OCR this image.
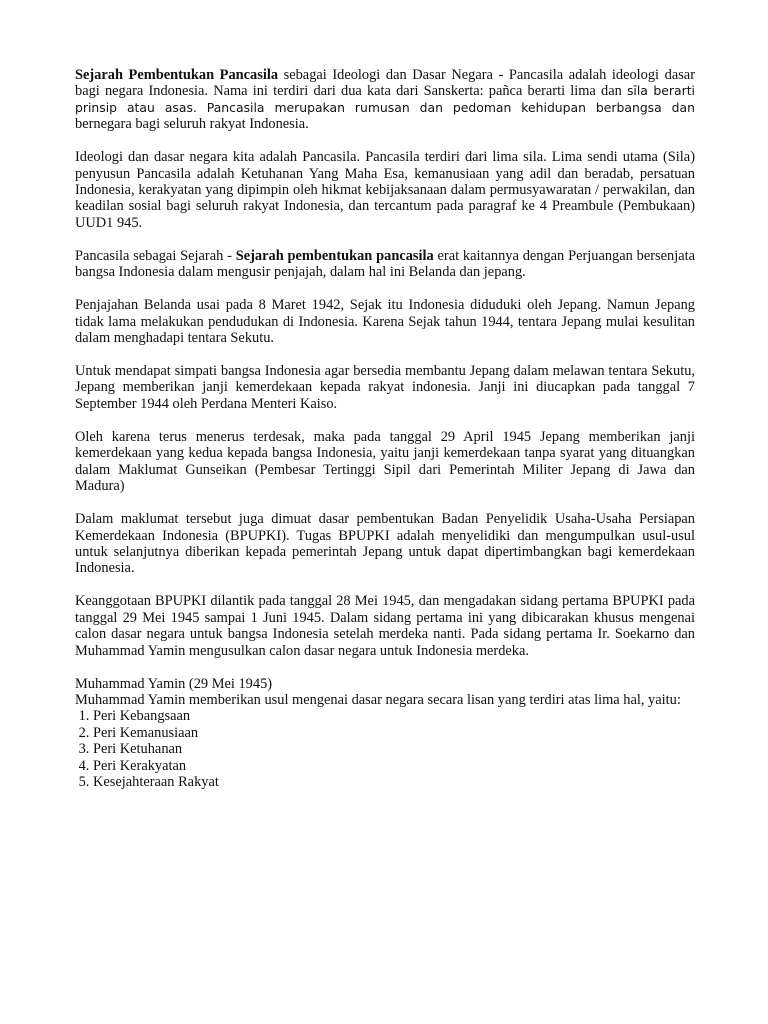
Sejarah Pembentukan Pancasila sebagai Ideologi dan Dasar Negara - Pancasila adalah ideologi dasar bagi negara Indonesia. Nama ini terdiri dari dua kata dari Sanskerta: pañca berarti lima dan sīla berarti prinsip atau asas. Pancasila merupakan rumusan dan pedoman kehidupan berbangsa dan bernegara bagi seluruh rakyat Indonesia.

Ideologi dan dasar negara kita adalah Pancasila. Pancasila terdiri dari lima sila. Lima sendi utama (Sila) penyusun Pancasila adalah Ketuhanan Yang Maha Esa, kemanusiaan yang adil dan beradab, persatuan Indonesia, kerakyatan yang dipimpin oleh hikmat kebijaksanaan dalam permusyawaratan / perwakilan, dan keadilan sosial bagi seluruh rakyat Indonesia, dan tercantum pada paragraf ke 4 Preambule (Pembukaan) UUD1 945.

Pancasila sebagai Sejarah - Sejarah pembentukan pancasila erat kaitannya dengan Perjuangan bersenjata bangsa Indonesia dalam mengusir penjajah, dalam hal ini Belanda dan jepang.

Penjajahan Belanda usai pada 8 Maret 1942, Sejak itu Indonesia diduduki oleh Jepang. Namun Jepang tidak lama melakukan pendudukan di Indonesia. Karena Sejak tahun 1944, tentara Jepang mulai kesulitan dalam menghadapi tentara Sekutu.

Untuk mendapat simpati bangsa Indonesia agar bersedia membantu Jepang dalam melawan tentara Sekutu, Jepang memberikan janji kemerdekaan kepada rakyat indonesia. Janji ini diucapkan pada tanggal 7 September 1944 oleh Perdana Menteri Kaiso.

Oleh karena terus menerus terdesak, maka pada tanggal 29 April 1945 Jepang memberikan janji kemerdekaan yang kedua kepada bangsa Indonesia, yaitu janji kemerdekaan tanpa syarat yang dituangkan dalam Maklumat Gunseikan (Pembesar Tertinggi Sipil dari Pemerintah Militer Jepang di Jawa dan Madura)

Dalam maklumat tersebut juga dimuat dasar pembentukan Badan Penyelidik Usaha-Usaha Persiapan Kemerdekaan Indonesia (BPUPKI). Tugas BPUPKI adalah menyelidiki dan mengumpulkan usul-usul untuk selanjutnya diberikan kepada pemerintah Jepang untuk dapat dipertimbangkan bagi kemerdekaan Indonesia.

Keanggotaan BPUPKI dilantik pada tanggal 28 Mei 1945, dan mengadakan sidang pertama BPUPKI pada tanggal 29 Mei 1945 sampai 1 Juni 1945. Dalam sidang pertama ini yang dibicarakan khusus mengenai calon dasar negara untuk bangsa Indonesia setelah merdeka nanti. Pada sidang pertama Ir. Soekarno dan Muhammad Yamin mengusulkan calon dasar negara untuk Indonesia merdeka.

Muhammad Yamin (29 Mei 1945)
Muhammad Yamin memberikan usul mengenai dasar negara secara lisan yang terdiri atas lima hal, yaitu:
1. Peri Kebangsaan
2. Peri Kemanusiaan
3. Peri Ketuhanan
4. Peri Kerakyatan
5. Kesejahteraan Rakyat
